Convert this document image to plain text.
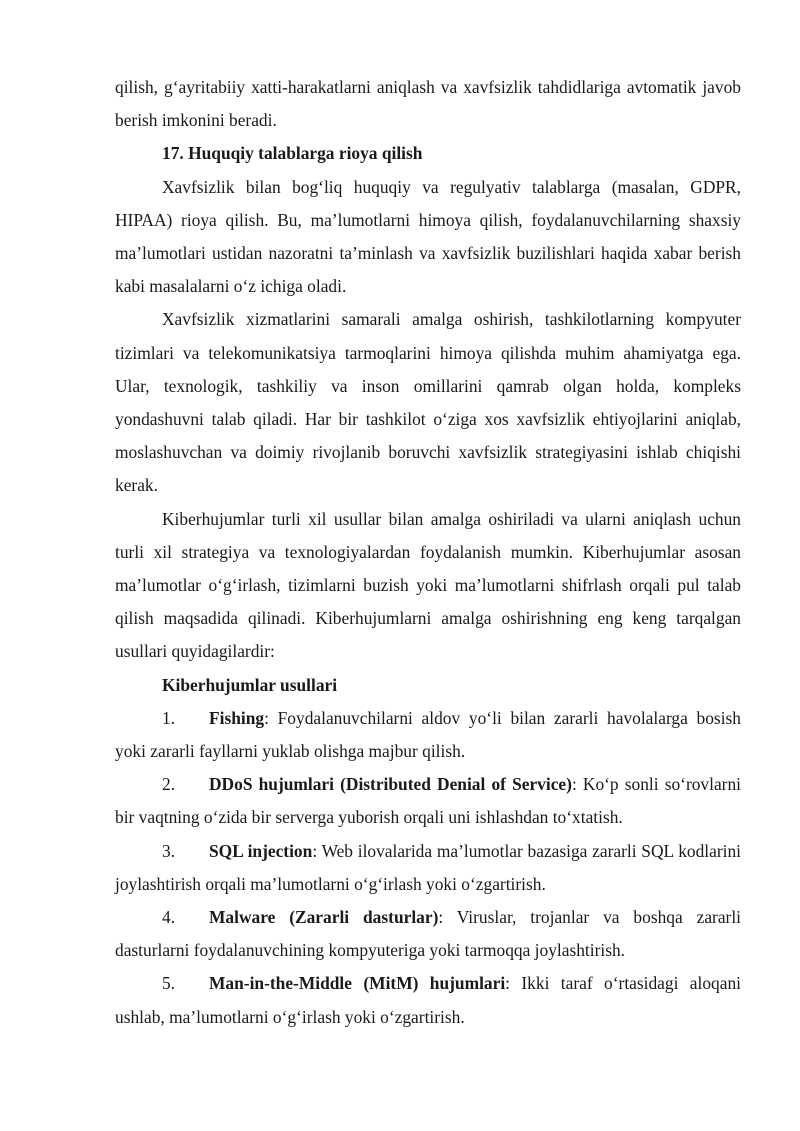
qilish, g‘ayritabiiy xatti-harakatlarni aniqlash va xavfsizlik tahdidlariga avtomatik javob berish imkonini beradi.

17. Huquqiy talablarga rioya qilish

Xavfsizlik bilan bog‘liq huquqiy va regulyativ talablarga (masalan, GDPR, HIPAA) rioya qilish. Bu, ma’lumotlarni himoya qilish, foydalanuvchilarning shaxsiy ma’lumotlari ustidan nazoratni ta’minlash va xavfsizlik buzilishlari haqida xabar berish kabi masalalarni o‘z ichiga oladi.

Xavfsizlik xizmatlarini samarali amalga oshirish, tashkilotlarning kompyuter tizimlari va telekomunikatsiya tarmoqlarini himoya qilishda muhim ahamiyatga ega. Ular, texnologik, tashkiliy va inson omillarini qamrab olgan holda, kompleks yondashuvni talab qiladi. Har bir tashkilot o‘ziga xos xavfsizlik ehtiyojlarini aniqlab, moslashuvchan va doimiy rivojlanib boruvchi xavfsizlik strategiyasini ishlab chiqishi kerak.

Kiberhujumlar turli xil usullar bilan amalga oshiriladi va ularni aniqlash uchun turli xil strategiya va texnologiyalardan foydalanish mumkin. Kiberhujumlar asosan ma’lumotlar o‘g‘irlash, tizimlarni buzish yoki ma’lumotlarni shifrlash orqali pul talab qilish maqsadida qilinadi. Kiberhujumlarni amalga oshirishning eng keng tarqalgan usullari quyidagilardir:

Kiberhujumlar usullari

1. Fishing: Foydalanuvchilarni aldov yo‘li bilan zararli havolalarga bosish yoki zararli fayllarni yuklab olishga majbur qilish.

2. DDoS hujumlari (Distributed Denial of Service): Ko‘p sonli so‘rovlarni bir vaqtning o‘zida bir serverga yuborish orqali uni ishlashdan to‘xtatish.

3. SQL injection: Web ilovalarida ma’lumotlar bazasiga zararli SQL kodlarini joylashtirish orqali ma’lumotlarni o‘g‘irlash yoki o‘zgartirish.

4. Malware (Zararli dasturlar): Viruslar, trojanlar va boshqa zararli dasturlarni foydalanuvchining kompyuteriga yoki tarmoqqa joylashtirish.

5. Man-in-the-Middle (MitM) hujumlari: Ikki taraf o‘rtasidagi aloqani ushlab, ma’lumotlarni o‘g‘irlash yoki o‘zgartirish.
